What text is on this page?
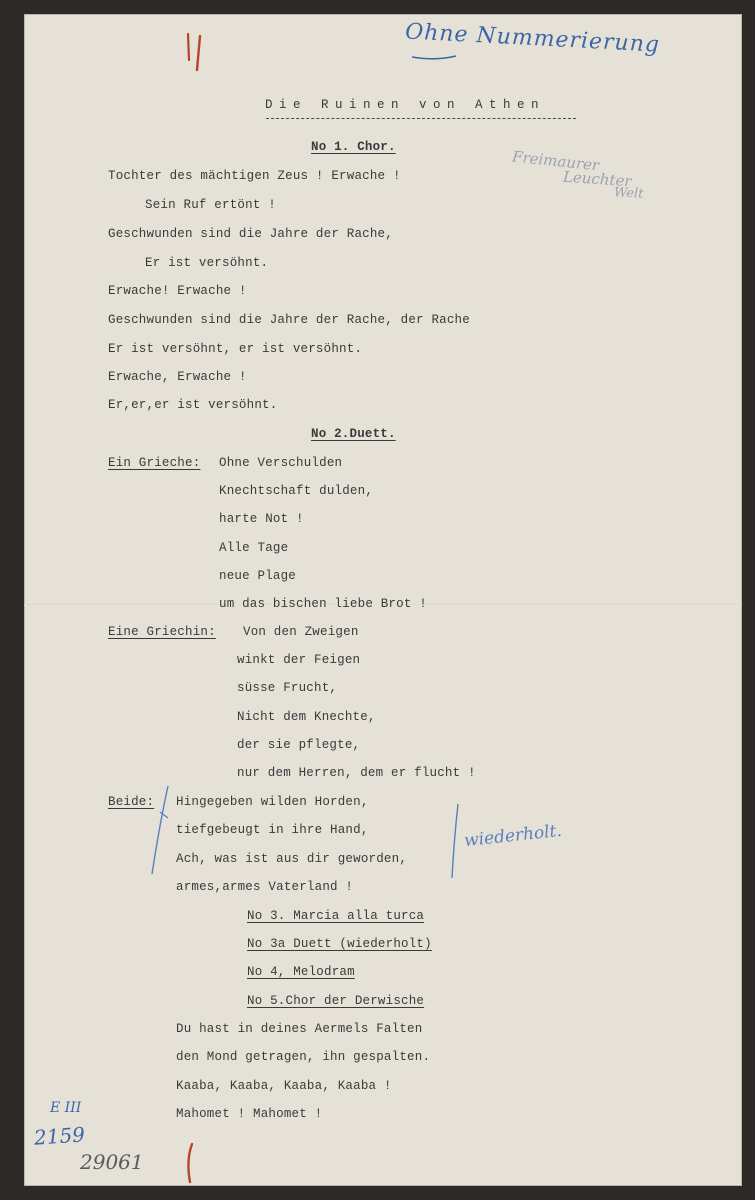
Ohne Nummerierung
Die Ruinen von Athen
Freimaurer
Leuchter
Welt

No 1. Chor.

Tochter des mächtigen Zeus ! Erwache !

Sein Ruf ertönt !

Geschwunden sind die Jahre der Rache,

Er ist versöhnt.

Erwache! Erwache !

Geschwunden sind die Jahre der Rache, der Rache

Er ist versöhnt, er ist versöhnt.

Erwache, Erwache !

Er,er,er ist versöhnt.

No 2.Duett.

Ein Grieche: Ohne Verschulden

Knechtschaft dulden,

harte Not !

Alle Tage

neue Plage

um das bischen liebe Brot !

Eine Griechin: Von den Zweigen

winkt der Feigen

süsse Frucht,

Nicht dem Knechte,

der sie pflegte,

nur dem Herren, dem er flucht !

Beide: Hingegeben wilden Horden,

tiefgebeugt in ihre Hand,

Ach, was ist aus dir geworden,

armes,armes Vaterland !

wiederholt.

No 3. Marcia alla turca

No 3a Duett (wiederholt)

No 4, Melodram

No 5.Chor der Derwische

Du hast in deines Aermels Falten

den Mond getragen, ihn gespalten.

Kaaba, Kaaba, Kaaba, Kaaba !

Mahomet ! Mahomet !

E III
2159
29061
